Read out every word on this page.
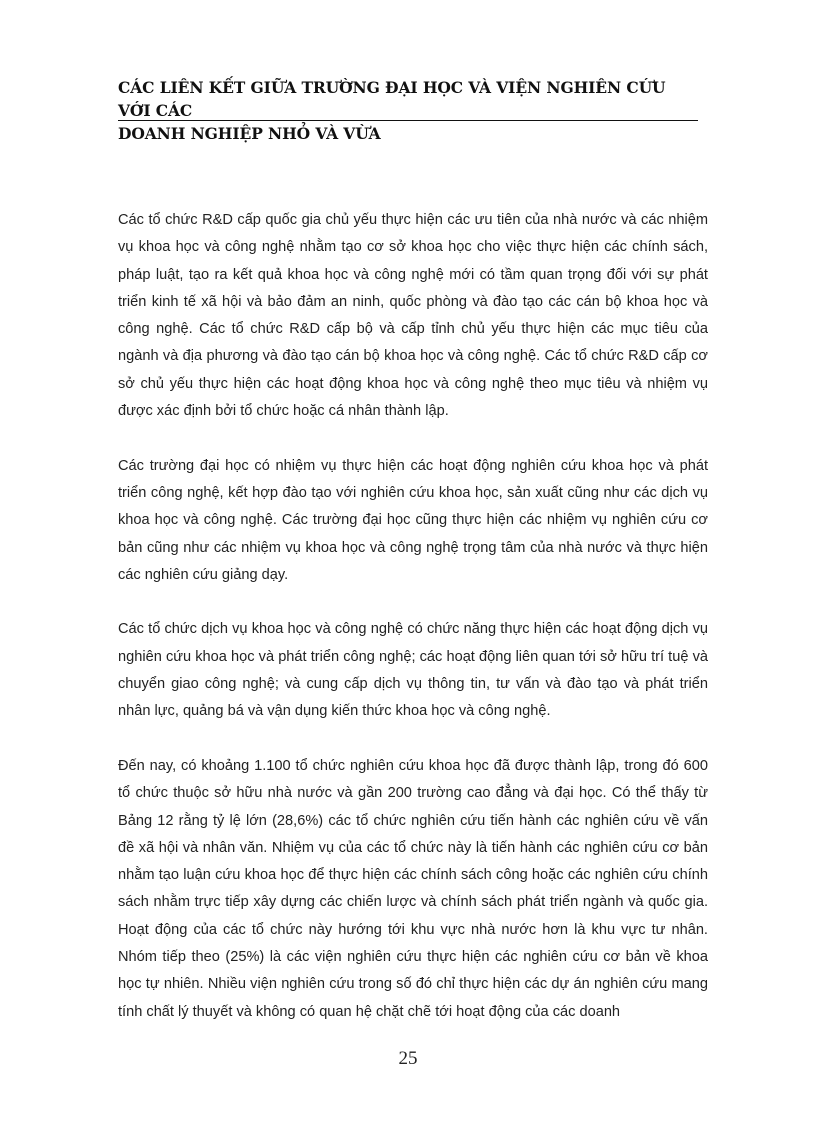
CÁC LIÊN KẾT GIỮA TRƯỜNG ĐẠI HỌC VÀ VIỆN NGHIÊN CỨU VỚI CÁC
DOANH NGHIỆP NHỎ VÀ VỪA

Các tổ chức R&D cấp quốc gia chủ yếu thực hiện các ưu tiên của nhà nước và các nhiệm vụ khoa học và công nghệ nhằm tạo cơ sở khoa học cho việc thực hiện các chính sách, pháp luật, tạo ra kết quả khoa học và công nghệ mới có tầm quan trọng đối với sự phát triển kinh tế xã hội và bảo đảm an ninh, quốc phòng và đào tạo các cán bộ khoa học và công nghệ. Các tổ chức R&D cấp bộ và cấp tỉnh chủ yếu thực hiện các mục tiêu của ngành và địa phương và đào tạo cán bộ khoa học và công nghệ. Các tổ chức R&D cấp cơ sở chủ yếu thực hiện các hoạt động khoa học và công nghệ theo mục tiêu và nhiệm vụ được xác định bởi tổ chức hoặc cá nhân thành lập.

Các trường đại học có nhiệm vụ thực hiện các hoạt động nghiên cứu khoa học và phát triển công nghệ, kết hợp đào tạo với nghiên cứu khoa học, sản xuất cũng như các dịch vụ khoa học và công nghệ. Các trường đại học cũng thực hiện các nhiệm vụ nghiên cứu cơ bản cũng như các nhiệm vụ khoa học và công nghệ trọng tâm của nhà nước và thực hiện các nghiên cứu giảng dạy.

Các tổ chức dịch vụ khoa học và công nghệ có chức năng thực hiện các hoạt động dịch vụ nghiên cứu khoa học và phát triển công nghệ; các hoạt động liên quan tới sở hữu trí tuệ và chuyển giao công nghệ; và cung cấp dịch vụ thông tin, tư vấn và đào tạo và phát triển nhân lực, quảng bá và vận dụng kiến thức khoa học và công nghệ.

Đến nay, có khoảng 1.100 tổ chức nghiên cứu khoa học đã được thành lập, trong đó 600 tổ chức thuộc sở hữu nhà nước và gần 200 trường cao đẳng và đại học. Có thể thấy từ Bảng 12 rằng tỷ lệ lớn (28,6%) các tổ chức nghiên cứu tiến hành các nghiên cứu về vấn đề xã hội và nhân văn. Nhiệm vụ của các tổ chức này là tiến hành các nghiên cứu cơ bản nhằm tạo luận cứu khoa học để thực hiện các chính sách công hoặc các nghiên cứu chính sách nhằm trực tiếp xây dựng các chiến lược và chính sách phát triển ngành và quốc gia. Hoạt động của các tổ chức này hướng tới khu vực nhà nước hơn là khu vực tư nhân. Nhóm tiếp theo (25%) là các viện nghiên cứu thực hiện các nghiên cứu cơ bản về khoa học tự nhiên. Nhiều viện nghiên cứu trong số đó chỉ thực hiện các dự án nghiên cứu mang tính chất lý thuyết và không có quan hệ chặt chẽ tới hoạt động của các doanh

25
